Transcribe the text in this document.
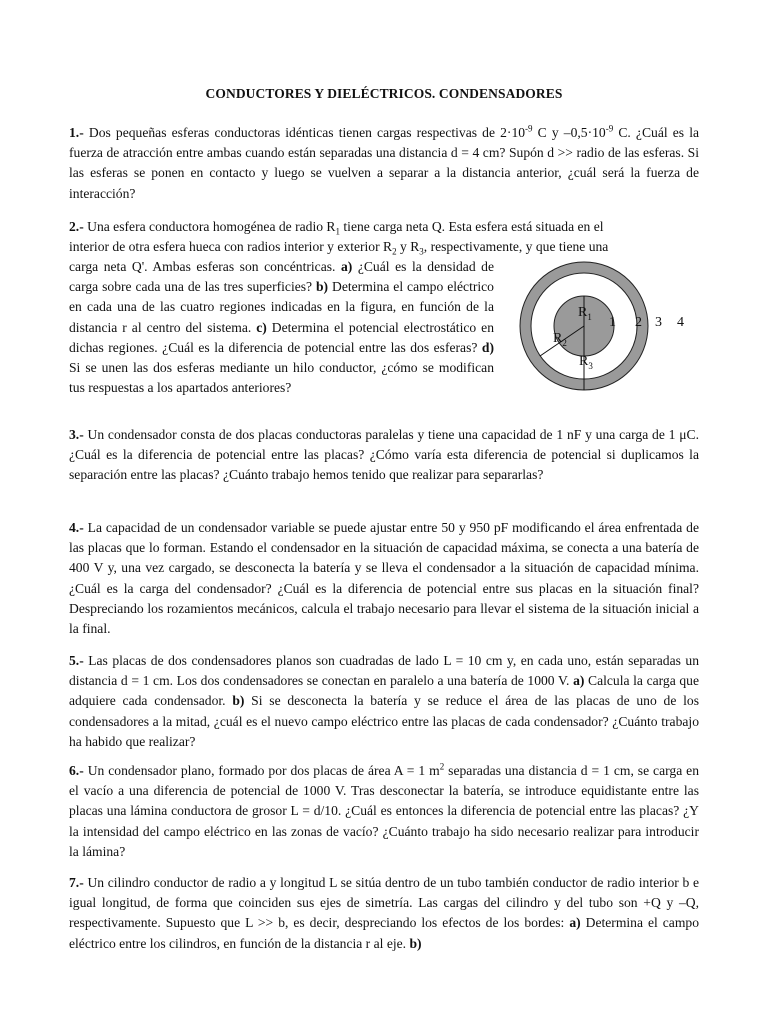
CONDUCTORES Y DIELÉCTRICOS. CONDENSADORES
1.- Dos pequeñas esferas conductoras idénticas tienen cargas respectivas de $2\cdot 10^{-9}$ C y $-0,5\cdot 10^{-9}$ C. ¿Cuál es la fuerza de atracción entre ambas cuando están separadas una distancia d = 4 cm? Supón d >> radio de las esferas. Si las esferas se ponen en contacto y luego se vuelven a separar a la distancia anterior, ¿cuál será la fuerza de interacción?
2.- Una esfera conductora homogénea de radio $R_1$ tiene carga neta Q. Esta esfera está situada en el
interior de otra esfera hueca con radios interior y exterior $R_2$ y $R_3$, respectivamente, y que tiene una
carga neta Q'. Ambas esferas son concéntricas. a) ¿Cuál es la densidad de carga sobre cada una de las tres superficies? b) Determina el campo eléctrico en cada una de las cuatro regiones indicadas en la figura, en función de la distancia r al centro del sistema. c) Determina el potencial electrostático en dichas regiones. ¿Cuál es la diferencia de potencial entre las dos esferas? d) Si se unen las dos esferas mediante un hilo conductor, ¿cómo se modifican tus respuestas a los apartados anteriores?
$R_1$
$R_2$
$R_3$
1 2 3 4
3.- Un condensador consta de dos placas conductoras paralelas y tiene una capacidad de 1 nF y una carga de 1 μC. ¿Cuál es la diferencia de potencial entre las placas? ¿Cómo varía esta diferencia de potencial si duplicamos la separación entre las placas? ¿Cuánto trabajo hemos tenido que realizar para separarlas?
4.- La capacidad de un condensador variable se puede ajustar entre 50 y 950 pF modificando el área enfrentada de las placas que lo forman. Estando el condensador en la situación de capacidad máxima, se conecta a una batería de 400 V y, una vez cargado, se desconecta la batería y se lleva el condensador a la situación de capacidad mínima. ¿Cuál es la carga del condensador? ¿Cuál es la diferencia de potencial entre sus placas en la situación final? Despreciando los rozamientos mecánicos, calcula el trabajo necesario para llevar el sistema de la situación inicial a la final.
5.- Las placas de dos condensadores planos son cuadradas de lado L = 10 cm y, en cada uno, están separadas un distancia d = 1 cm. Los dos condensadores se conectan en paralelo a una batería de 1000 V. a) Calcula la carga que adquiere cada condensador. b) Si se desconecta la batería y se reduce el área de las placas de uno de los condensadores a la mitad, ¿cuál es el nuevo campo eléctrico entre las placas de cada condensador? ¿Cuánto trabajo ha habido que realizar?
6.- Un condensador plano, formado por dos placas de área A = 1 $m^2$ separadas una distancia d = 1 cm, se carga en el vacío a una diferencia de potencial de 1000 V. Tras desconectar la batería, se introduce equidistante entre las placas una lámina conductora de grosor L = d/10. ¿Cuál es entonces la diferencia de potencial entre las placas? ¿Y la intensidad del campo eléctrico en las zonas de vacío? ¿Cuánto trabajo ha sido necesario realizar para introducir la lámina?
7.- Un cilindro conductor de radio a y longitud L se sitúa dentro de un tubo también conductor de radio interior b e igual longitud, de forma que coinciden sus ejes de simetría. Las cargas del cilindro y del tubo son +Q y –Q, respectivamente. Supuesto que L >> b, es decir, despreciando los efectos de los bordes: a) Determina el campo eléctrico entre los cilindros, en función de la distancia r al eje. b)
